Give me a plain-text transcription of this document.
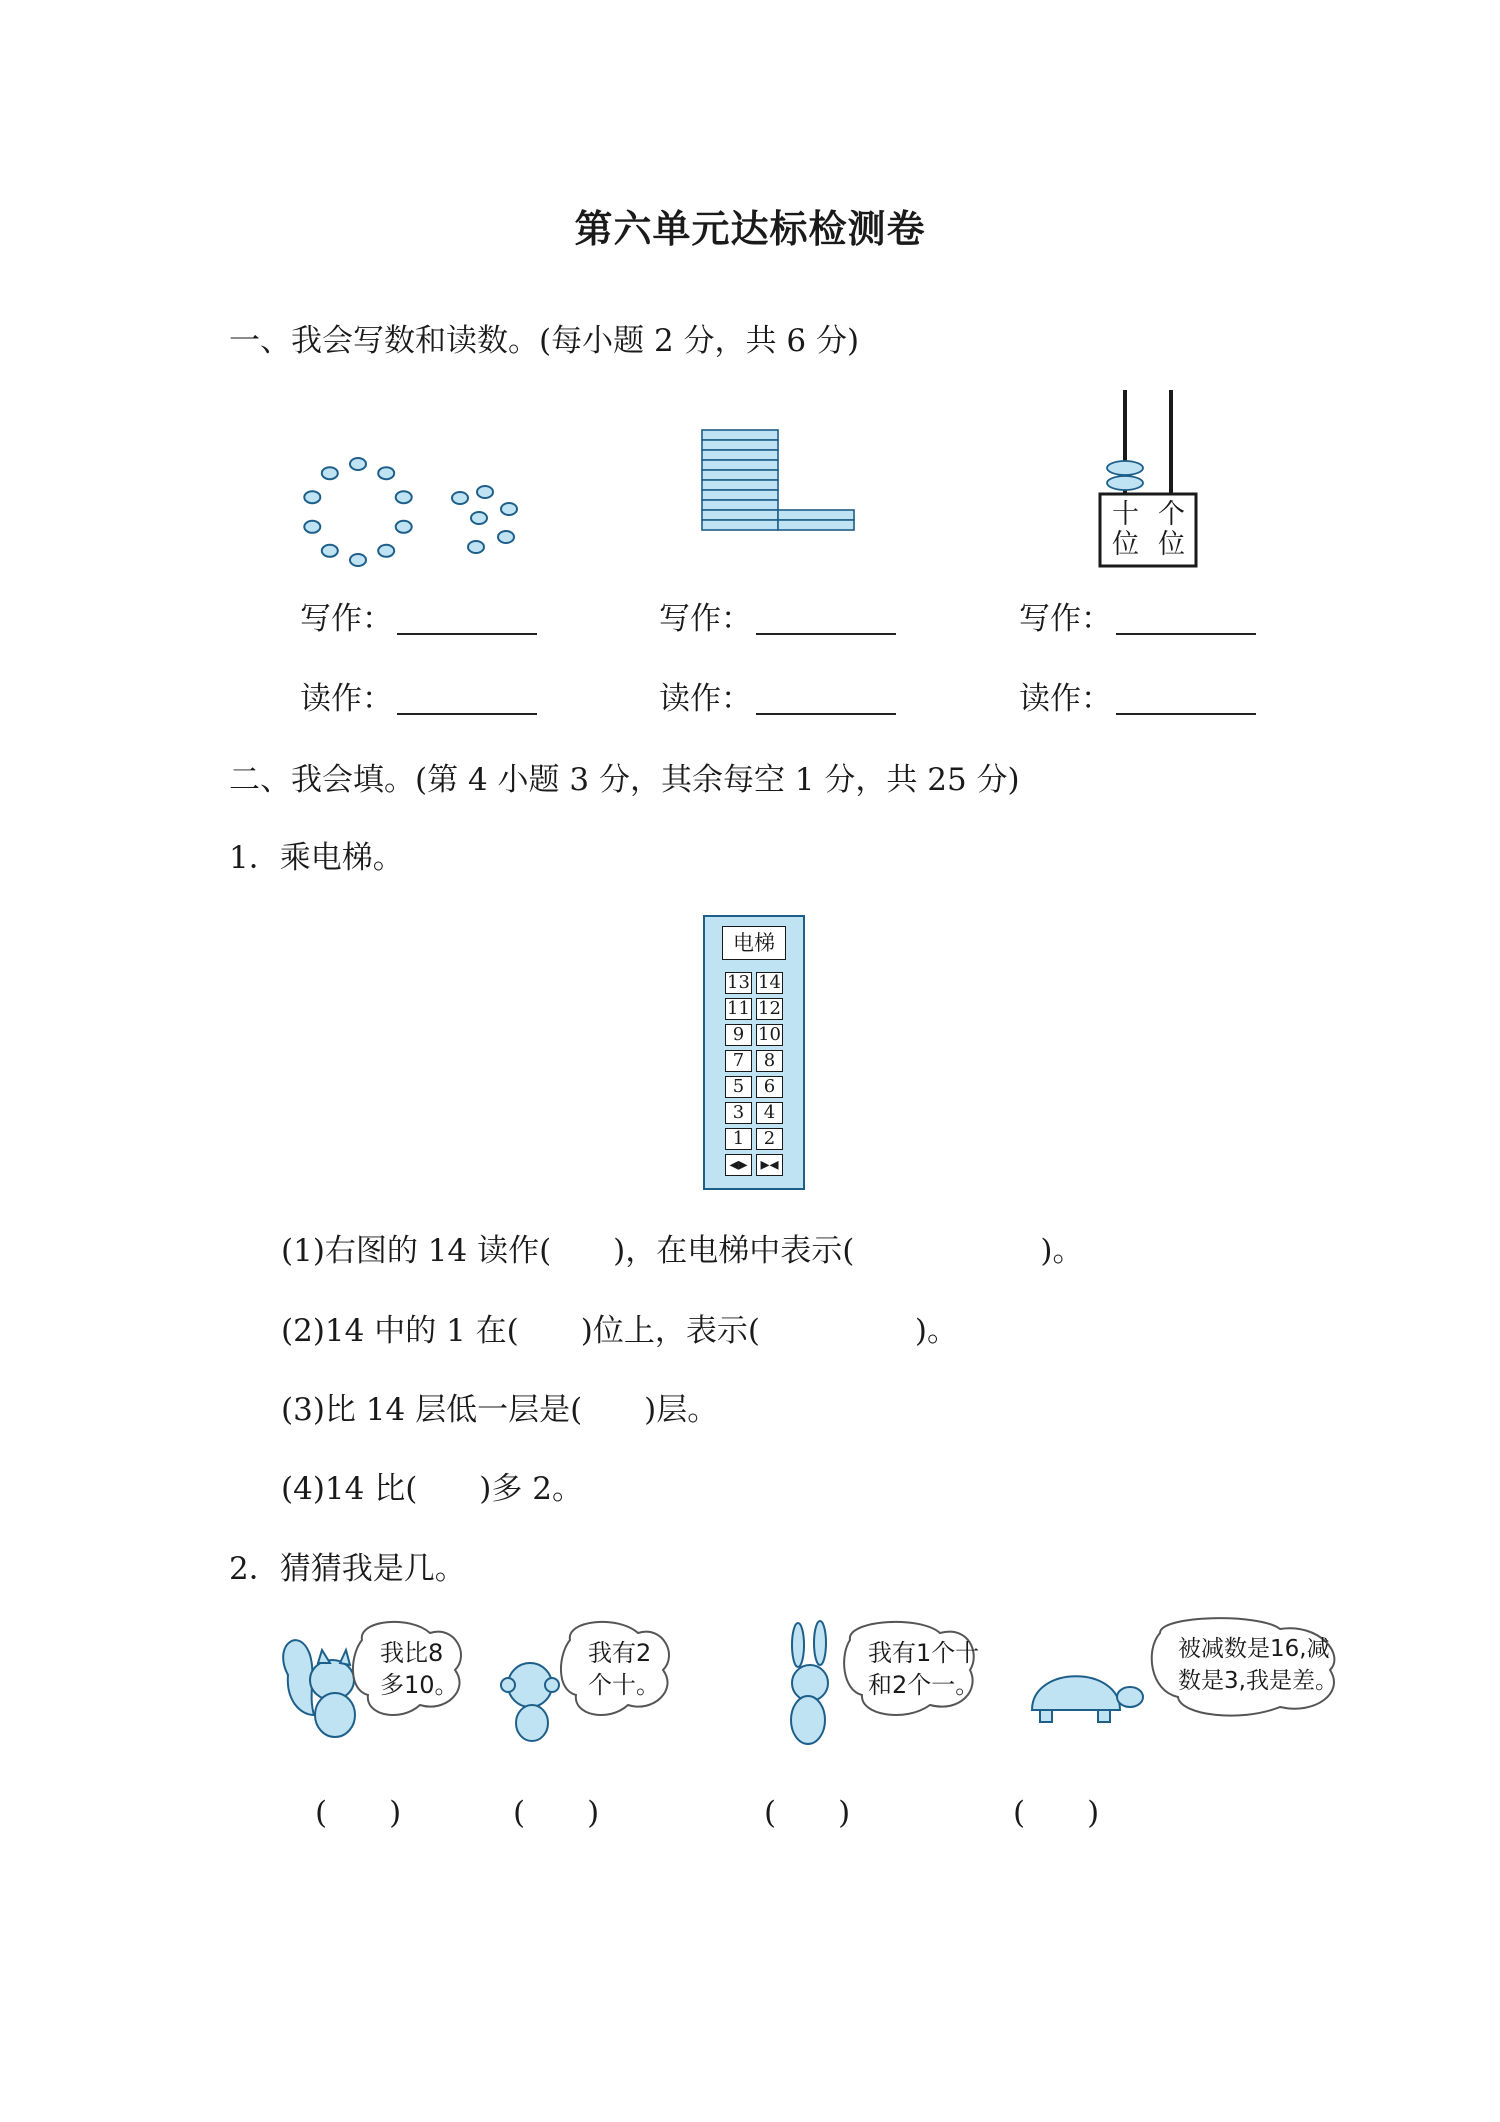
第六单元达标检测卷
一、我会写数和读数。(每小题 2 分，共 6 分)
十
位
个
位
写作：	写作：	写作：
读作：	读作：	读作：
二、我会填。(第 4 小题 3 分，其余每空 1 分，共 25 分)
1．乘电梯。
电梯
13 14
11 12
9 10
7	8
5	6
3	4
1	2
◂▸ ▸◂
(1)右图的 14 读作(　　)，在电梯中表示(　　　　　　)。
(2)14 中的 1 在(　　)位上，表示(　　　　　)。
(3)比 14 层低一层是(　　)层。
(4)14 比(　　)多 2。
2．猜猜我是几。
我比8
多10。
我有2
个十。
我有1个十
和2个一。
被减数是16,减
数是3,我是差。
(　　)	(　　)	(　　)	(　　)
